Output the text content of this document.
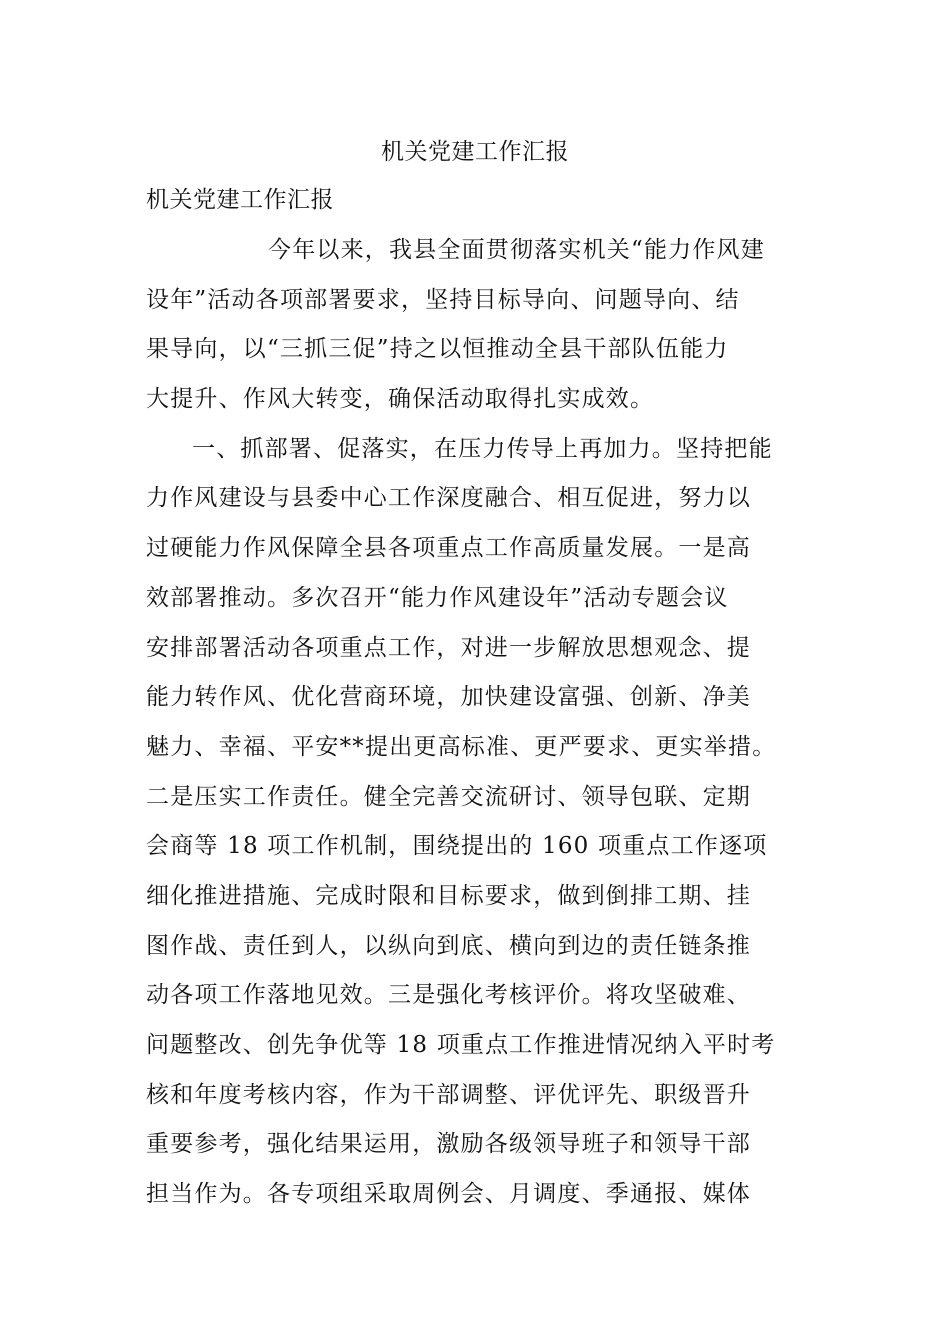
机关党建工作汇报
机关党建工作汇报
今年以来，我县全面贯彻落实机关“能力作风建
设年”活动各项部署要求，坚持目标导向、问题导向、结
果导向，以“三抓三促”持之以恒推动全县干部队伍能力
大提升、作风大转变，确保活动取得扎实成效。
一、抓部署、促落实，在压力传导上再加力。坚持把能
力作风建设与县委中心工作深度融合、相互促进，努力以
过硬能力作风保障全县各项重点工作高质量发展。一是高
效部署推动。多次召开“能力作风建设年”活动专题会议
安排部署活动各项重点工作，对进一步解放思想观念、提
能力转作风、优化营商环境，加快建设富强、创新、净美
魅力、幸福、平安**提出更高标准、更严要求、更实举措。
二是压实工作责任。健全完善交流研讨、领导包联、定期
会商等 18 项工作机制，围绕提出的 160 项重点工作逐项
细化推进措施、完成时限和目标要求，做到倒排工期、挂
图作战、责任到人，以纵向到底、横向到边的责任链条推
动各项工作落地见效。三是强化考核评价。将攻坚破难、
问题整改、创先争优等 18 项重点工作推进情况纳入平时考
核和年度考核内容，作为干部调整、评优评先、职级晋升
重要参考，强化结果运用，激励各级领导班子和领导干部
担当作为。各专项组采取周例会、月调度、季通报、媒体
